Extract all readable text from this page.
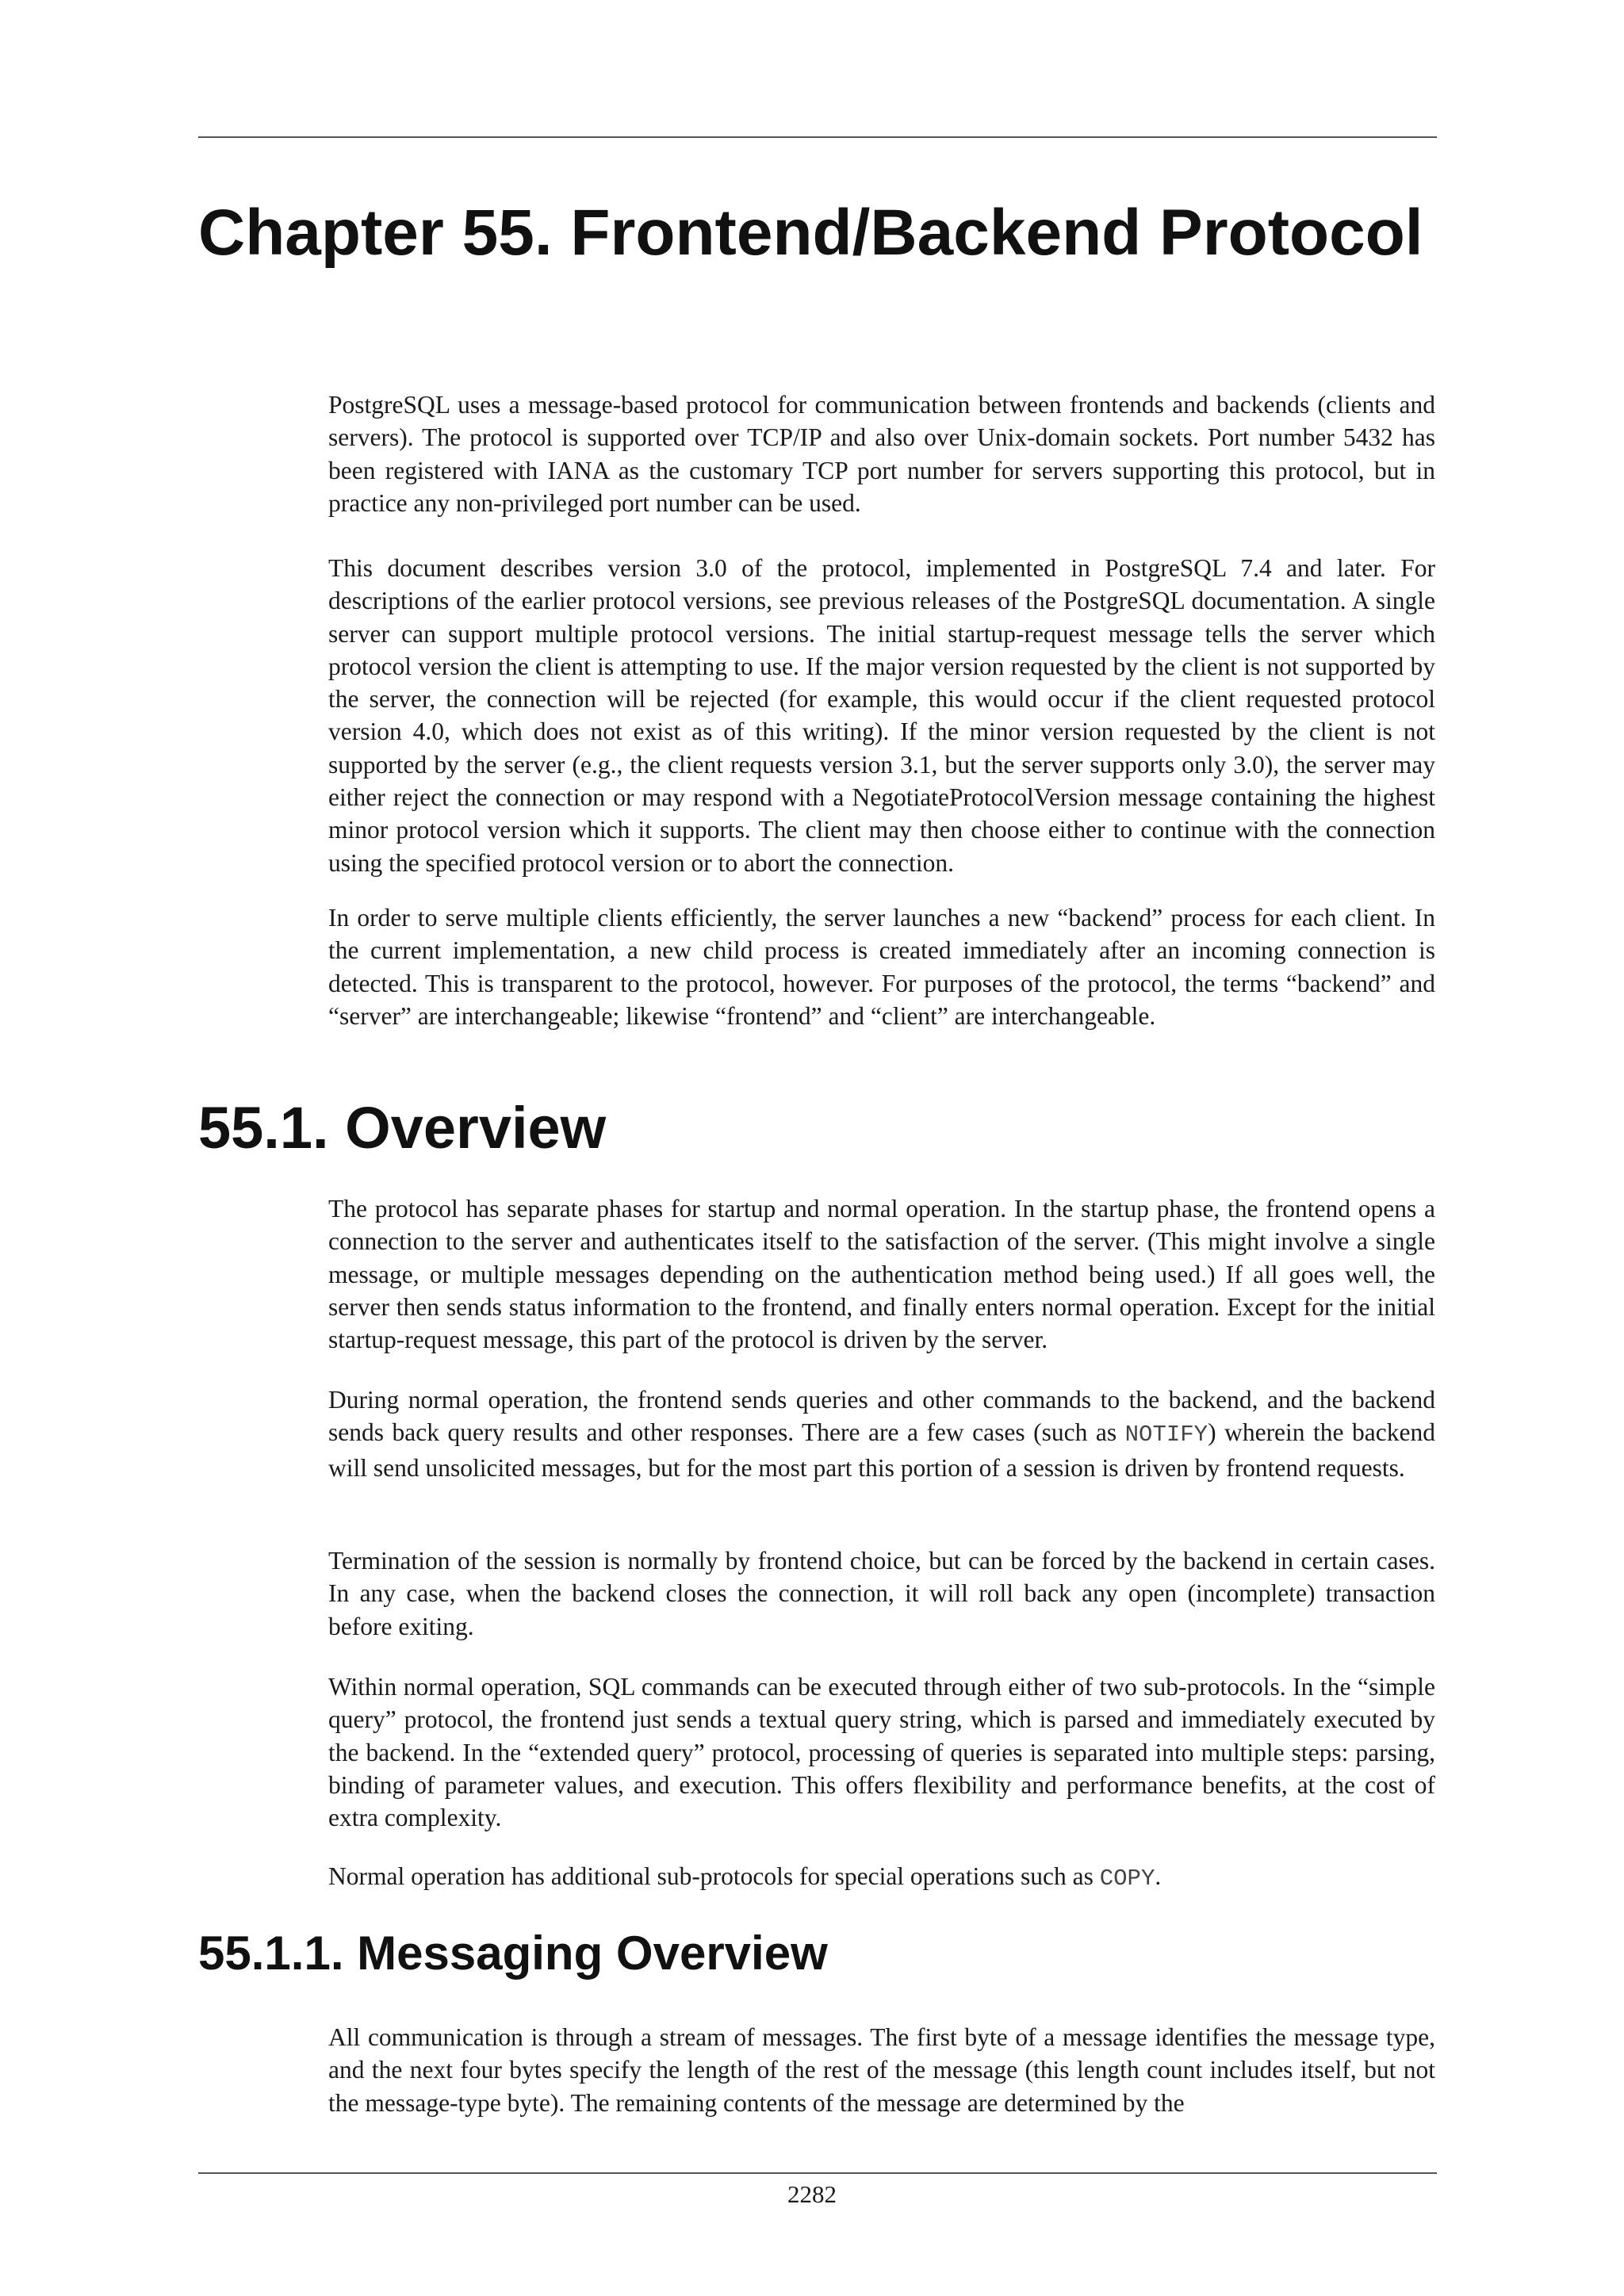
Chapter 55. Frontend/Backend Protocol

PostgreSQL uses a message-based protocol for communication between frontends and backends (clients and servers). The protocol is supported over TCP/IP and also over Unix-domain sockets. Port number 5432 has been registered with IANA as the customary TCP port number for servers supporting this protocol, but in practice any non-privileged port number can be used.

This document describes version 3.0 of the protocol, implemented in PostgreSQL 7.4 and later. For descriptions of the earlier protocol versions, see previous releases of the PostgreSQL documentation. A single server can support multiple protocol versions. The initial startup-request message tells the server which protocol version the client is attempting to use. If the major version requested by the client is not supported by the server, the connection will be rejected (for example, this would occur if the client requested protocol version 4.0, which does not exist as of this writing). If the minor version requested by the client is not supported by the server (e.g., the client requests version 3.1, but the server supports only 3.0), the server may either reject the connection or may respond with a NegotiateProtocolVersion message containing the highest minor protocol version which it supports. The client may then choose either to continue with the connection using the specified protocol version or to abort the connection.

In order to serve multiple clients efficiently, the server launches a new “backend” process for each client. In the current implementation, a new child process is created immediately after an incoming connection is detected. This is transparent to the protocol, however. For purposes of the protocol, the terms “backend” and “server” are interchangeable; likewise “frontend” and “client” are interchangeable.

55.1. Overview

The protocol has separate phases for startup and normal operation. In the startup phase, the frontend opens a connection to the server and authenticates itself to the satisfaction of the server. (This might involve a single message, or multiple messages depending on the authentication method being used.) If all goes well, the server then sends status information to the frontend, and finally enters normal operation. Except for the initial startup-request message, this part of the protocol is driven by the server.

During normal operation, the frontend sends queries and other commands to the backend, and the backend sends back query results and other responses. There are a few cases (such as NOTIFY) wherein the backend will send unsolicited messages, but for the most part this portion of a session is driven by frontend requests.

Termination of the session is normally by frontend choice, but can be forced by the backend in certain cases. In any case, when the backend closes the connection, it will roll back any open (incomplete) transaction before exiting.

Within normal operation, SQL commands can be executed through either of two sub-protocols. In the “simple query” protocol, the frontend just sends a textual query string, which is parsed and immediately executed by the backend. In the “extended query” protocol, processing of queries is separated into multiple steps: parsing, binding of parameter values, and execution. This offers flexibility and performance benefits, at the cost of extra complexity.

Normal operation has additional sub-protocols for special operations such as COPY.

55.1.1. Messaging Overview

All communication is through a stream of messages. The first byte of a message identifies the message type, and the next four bytes specify the length of the rest of the message (this length count includes itself, but not the message-type byte). The remaining contents of the message are determined by the

2282
